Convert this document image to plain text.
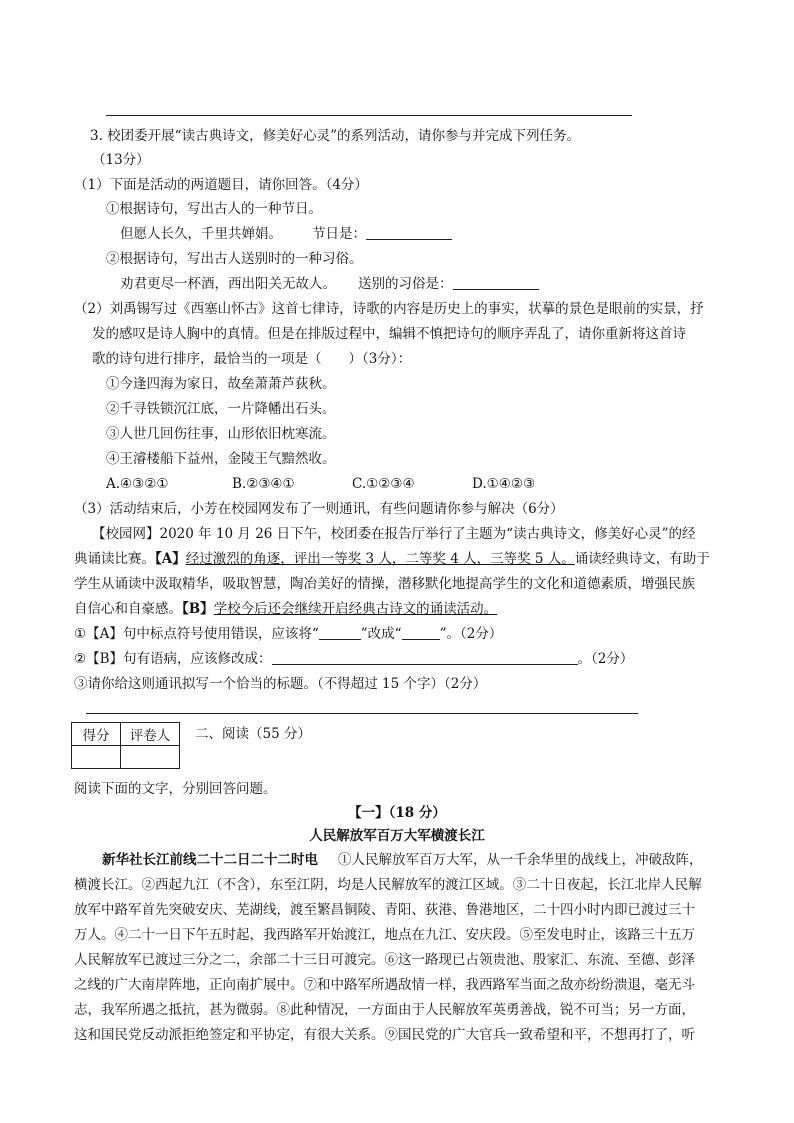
3. 校团委开展“读古典诗文，修美好心灵”的系列活动，请你参与并完成下列任务。
（13分）
（1）下面是活动的两道题目，请你回答。（4分）
①根据诗句，写出古人的一种节日。
但愿人长久，千里共婵娟。 节日是：
②根据诗句，写出古人送别时的一种习俗。
劝君更尽一杯酒，西出阳关无故人。 送别的习俗是：
（2）刘禹锡写过《西塞山怀古》这首七律诗，诗歌的内容是历史上的事实，状摹的景色是眼前的实景，抒
发的感叹是诗人胸中的真情。但是在排版过程中，编辑不慎把诗句的顺序弄乱了，请你重新将这首诗
歌的诗句进行排序，最恰当的一项是（　　）（3分）：
①今逢四海为家日，故垒萧萧芦荻秋。
②千寻铁锁沉江底，一片降幡出石头。
③人世几回伤往事，山形依旧枕寒流。
④王濬楼船下益州，金陵王气黯然收。
A.④③②①	B.②③④①	C.①②③④	D.①④②③
（3）活动结束后，小芳在校园网发布了一则通讯，有些问题请你参与解决（6分）
【校园网】2020 年 10 月 26 日下午，校团委在报告厅举行了主题为“读古典诗文，修美好心灵”的经
典诵读比赛。【A】经过激烈的角逐，评出一等奖 3 人，二等奖 4 人，三等奖 5 人。诵读经典诗文，有助于
学生从诵读中汲取精华，吸取智慧，陶冶美好的情操，潜移默化地提高学生的文化和道德素质，增强民族
自信心和自豪感。【B】学校今后还会继续开启经典古诗文的诵读活动。
①【A】句中标点符号使用错误，应该将“	”改成“	”。（2分）
②【B】句有语病，应该修改成：	。（2分）
③请你给这则通讯拟写一个恰当的标题。（不得超过 15 个字）（2分）
得分	评卷人
	二、阅读（55 分）
阅读下面的文字，分别回答问题。
【一】（18 分）
人民解放军百万大军横渡长江
新华社长江前线二十二日二十二时电 ①人民解放军百万大军，从一千余华里的战线上，冲破敌阵，
横渡长江。②西起九江（不含），东至江阴，均是人民解放军的渡江区域。③二十日夜起，长江北岸人民解
放军中路军首先突破安庆、芜湖线，渡至繁昌铜陵、青阳、荻港、鲁港地区，二十四小时内即已渡过三十
万人。④二十一日下午五时起，我西路军开始渡江，地点在九江、安庆段。⑤至发电时止，该路三十五万
人民解放军已渡过三分之二，余部二十三日可渡完。⑥这一路现已占领贵池、殷家汇、东流、至德、彭泽
之线的广大南岸阵地，正向南扩展中。⑦和中路军所遇敌情一样，我西路军当面之敌亦纷纷溃退，毫无斗
志，我军所遇之抵抗，甚为微弱。⑧此种情况，一方面由于人民解放军英勇善战，锐不可当；另一方面，
这和国民党反动派拒绝签定和平协定，有很大关系。⑨国民党的广大官兵一致希望和平，不想再打了，听
